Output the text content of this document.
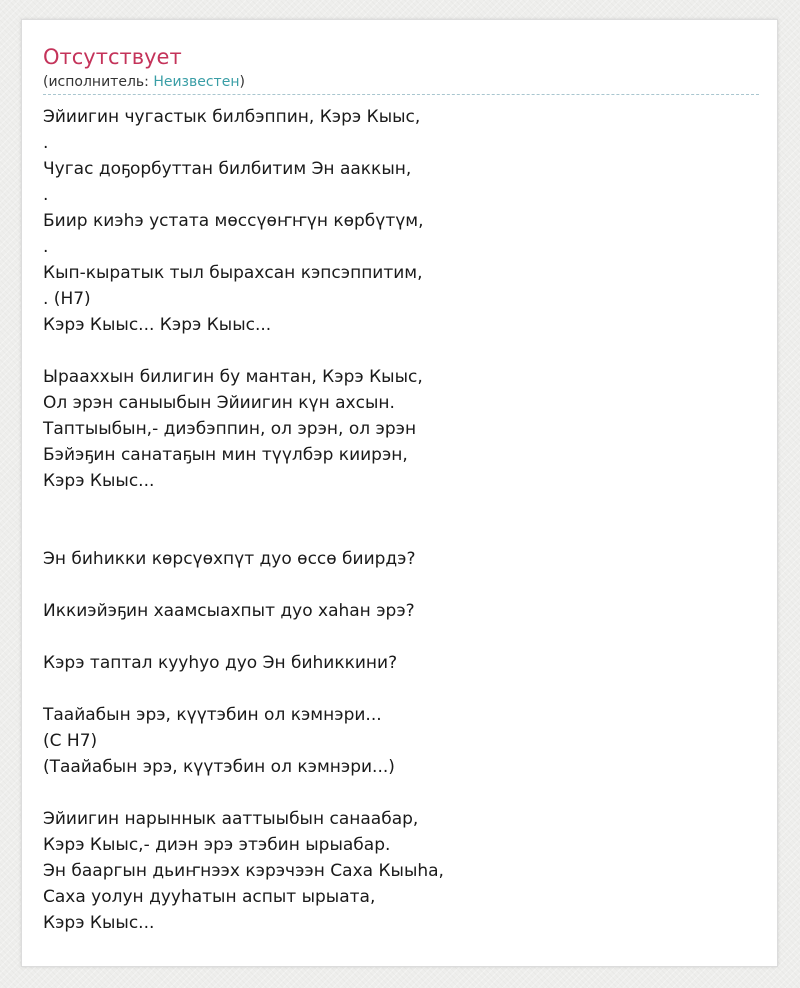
Отсутствует
(исполнитель: Неизвестен)
Эйиигин чугастык билбэппин, Кэрэ Кыыс,
.
Чугас доҕорбуттан билбитим Эн ааккын,
.
Биир киэһэ устата мөссүөҥҥүн көрбүтүм,
.
Кып-кыратык тыл бырахсан кэпсэппитим,
. (H7)
Кэрэ Кыыс... Кэрэ Кыыс...
Ырааххын билигин бу мантан, Кэрэ Кыыс,
Ол эрэн саныыбын Эйиигин күн ахсын.
Таптыыбын,- диэбэппин, ол эрэн, ол эрэн
Бэйэҕин санатаҕын мин түүлбэр киирэн,
Кэрэ Кыыс...
Эн биһикки көрсүөхпүт дуо өссө биирдэ?
Иккиэйэҕин хаамсыахпыт дуо хаһан эрэ?
Кэрэ таптал кууһуо дуо Эн биһиккини?
Таайабын эрэ, күүтэбин ол кэмнэри...
(C H7)
(Таайабын эрэ, күүтэбин ол кэмнэри...)
Эйиигин нарыннык ааттыыбын санаабар,
Кэрэ Кыыс,- диэн эрэ этэбин ырыабар.
Эн бааргын дьиҥнээх кэрэчээн Саха Кыыһа,
Саха уолун дууһатын аспыт ырыата,
Кэрэ Кыыс...
